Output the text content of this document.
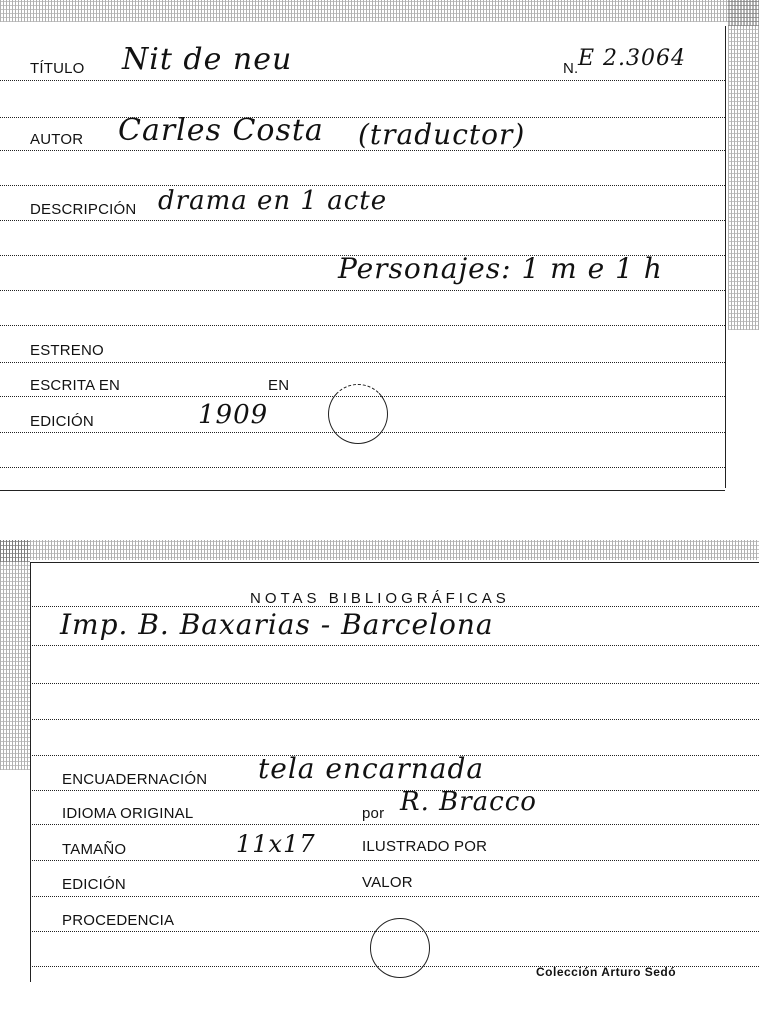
TÍTULO Nit de neu	N. E 2.3064
AUTOR Carles Costa (traductor)
DESCRIPCIÓN drama en 1 acte
Personajes: 1 m e 1 h
ESTRENO
ESCRITA EN	EN
EDICIÓN	1909
NOTAS BIBLIOGRÁFICAS
Imp. B. Baxarias - Barcelona
ENCUADERNACIÓN tela encarnada
IDIOMA ORIGINAL	por R. Bracco
TAMAÑO	11x17	ILUSTRADO POR
EDICIÓN	VALOR
PROCEDENCIA
Colección Arturo Sedó
